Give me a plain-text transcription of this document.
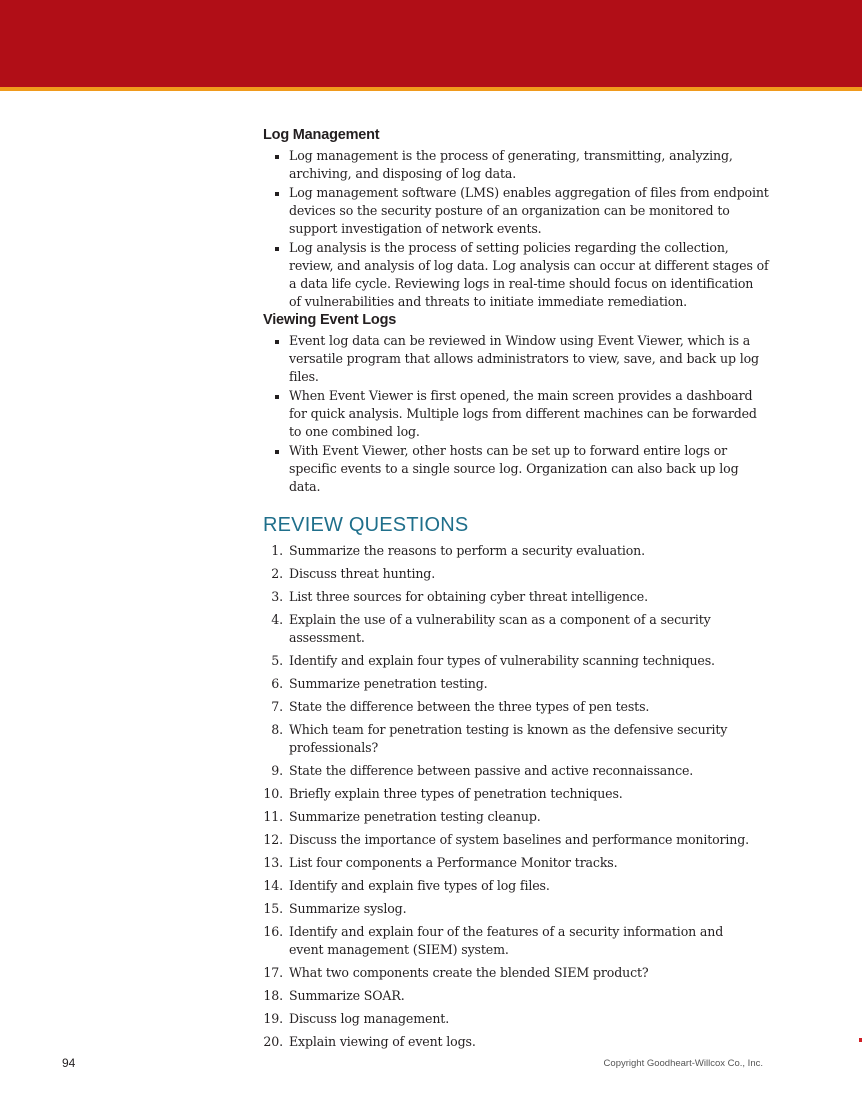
Log Management
Log management is the process of generating, transmitting, analyzing, archiving, and disposing of log data.
Log management software (LMS) enables aggregation of files from endpoint devices so the security posture of an organization can be monitored to support investigation of network events.
Log analysis is the process of setting policies regarding the collection, review, and analysis of log data. Log analysis can occur at different stages of a data life cycle. Reviewing logs in real-time should focus on identification of vulnerabilities and threats to initiate immediate remediation.
Viewing Event Logs
Event log data can be reviewed in Window using Event Viewer, which is a versatile program that allows administrators to view, save, and back up log files.
When Event Viewer is first opened, the main screen provides a dashboard for quick analysis. Multiple logs from different machines can be forwarded to one combined log.
With Event Viewer, other hosts can be set up to forward entire logs or specific events to a single source log. Organization can also back up log data.
REVIEW QUESTIONS
1. Summarize the reasons to perform a security evaluation.
2. Discuss threat hunting.
3. List three sources for obtaining cyber threat intelligence.
4. Explain the use of a vulnerability scan as a component of a security assessment.
5. Identify and explain four types of vulnerability scanning techniques.
6. Summarize penetration testing.
7. State the difference between the three types of pen tests.
8. Which team for penetration testing is known as the defensive security professionals?
9. State the difference between passive and active reconnaissance.
10. Briefly explain three types of penetration techniques.
11. Summarize penetration testing cleanup.
12. Discuss the importance of system baselines and performance monitoring.
13. List four components a Performance Monitor tracks.
14. Identify and explain five types of log files.
15. Summarize syslog.
16. Identify and explain four of the features of a security information and event management (SIEM) system.
17. What two components create the blended SIEM product?
18. Summarize SOAR.
19. Discuss log management.
20. Explain viewing of event logs.
94	Copyright Goodheart-Willcox Co., Inc.
